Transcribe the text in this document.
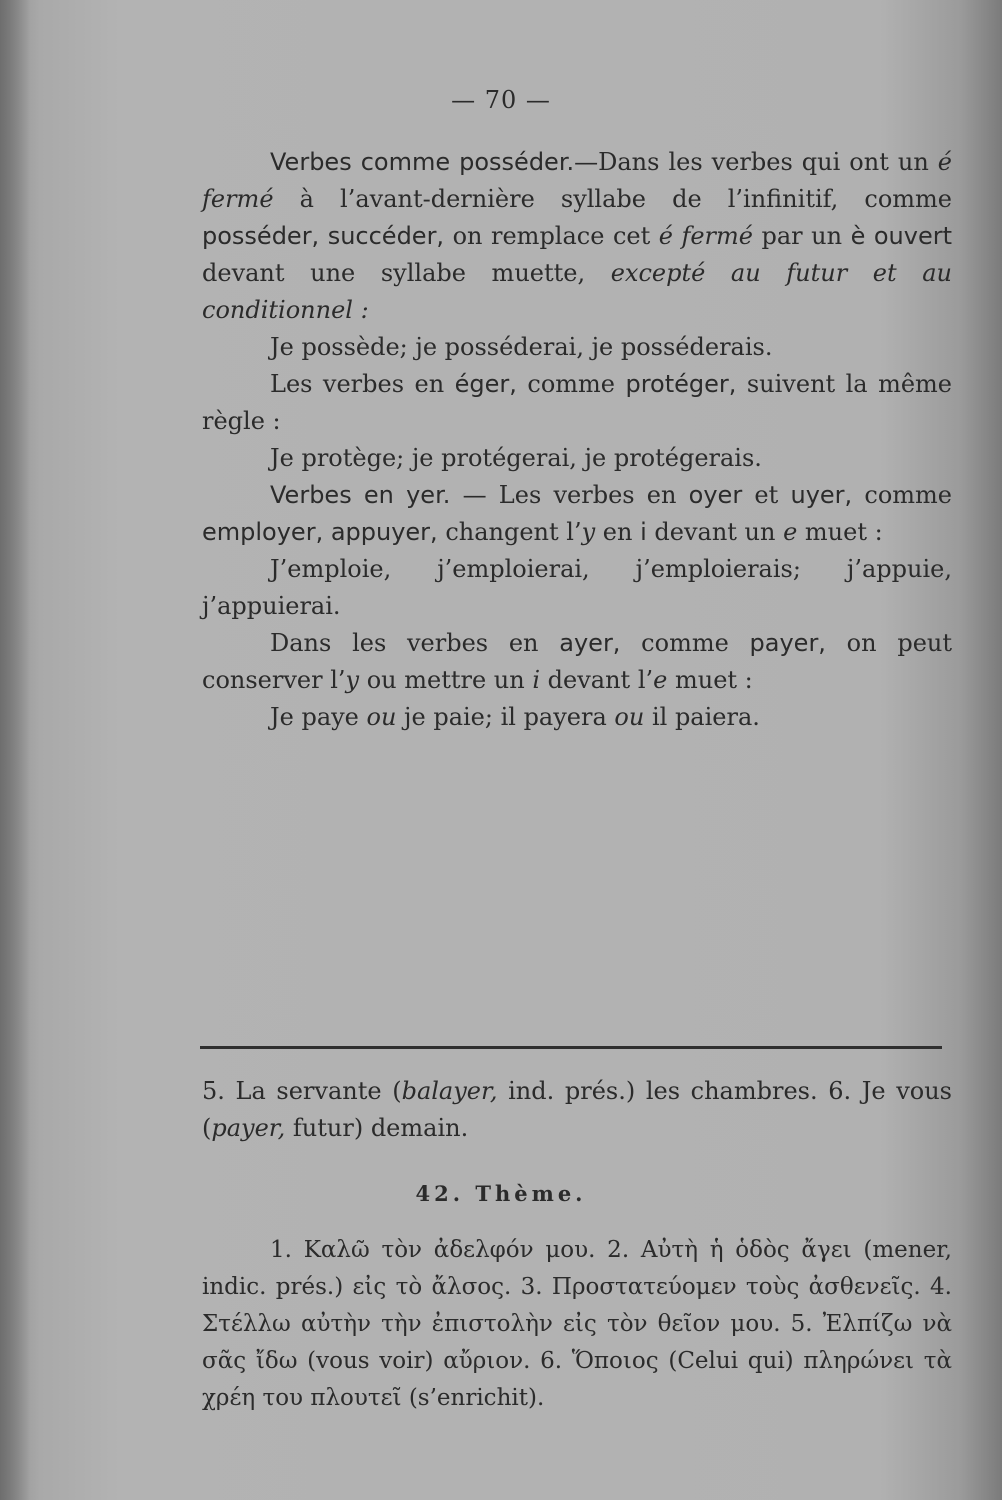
— 70 —

Verbes comme posséder.—Dans les verbes qui ont un é fermé à l’avant-dernière syllabe de l’infinitif, comme posséder, succéder, on remplace cet é fermé par un è ouvert devant une syllabe muette, excepté au futur et au conditionnel :

Je possède; je posséderai, je posséderais.

Les verbes en éger, comme protéger, suivent la même règle :

Je protège; je protégerai, je protégerais.

Verbes en yer. — Les verbes en oyer et uyer, comme employer, appuyer, changent l’y en i devant un e muet :

J’emploie, j’emploierai, j’emploierais; j’appuie, j’appuierai.

Dans les verbes en ayer, comme payer, on peut conserver l’y ou mettre un i devant l’e muet :

Je paye ou je paie; il payera ou il paiera.

5. La servante (balayer, ind. prés.) les chambres. 6. Je vous (payer, futur) demain.

42. Thème.

1. Καλῶ τὸν ἀδελφόν μου. 2. Αὐτὴ ἡ ὁδὸς ἄγει (mener, indic. prés.) εἰς τὸ ἄλσος. 3. Προστατεύομεν τοὺς ἀσθενεῖς. 4. Στέλλω αὐτὴν τὴν ἐπιστολὴν εἰς τὸν θεῖον μου. 5. Ἐλπίζω νὰ σᾶς ἴδω (vous voir) αὔριον. 6. Ὅποιος (Celui qui) πληρώνει τὰ χρέη του πλουτεῖ (s’enrichit).
